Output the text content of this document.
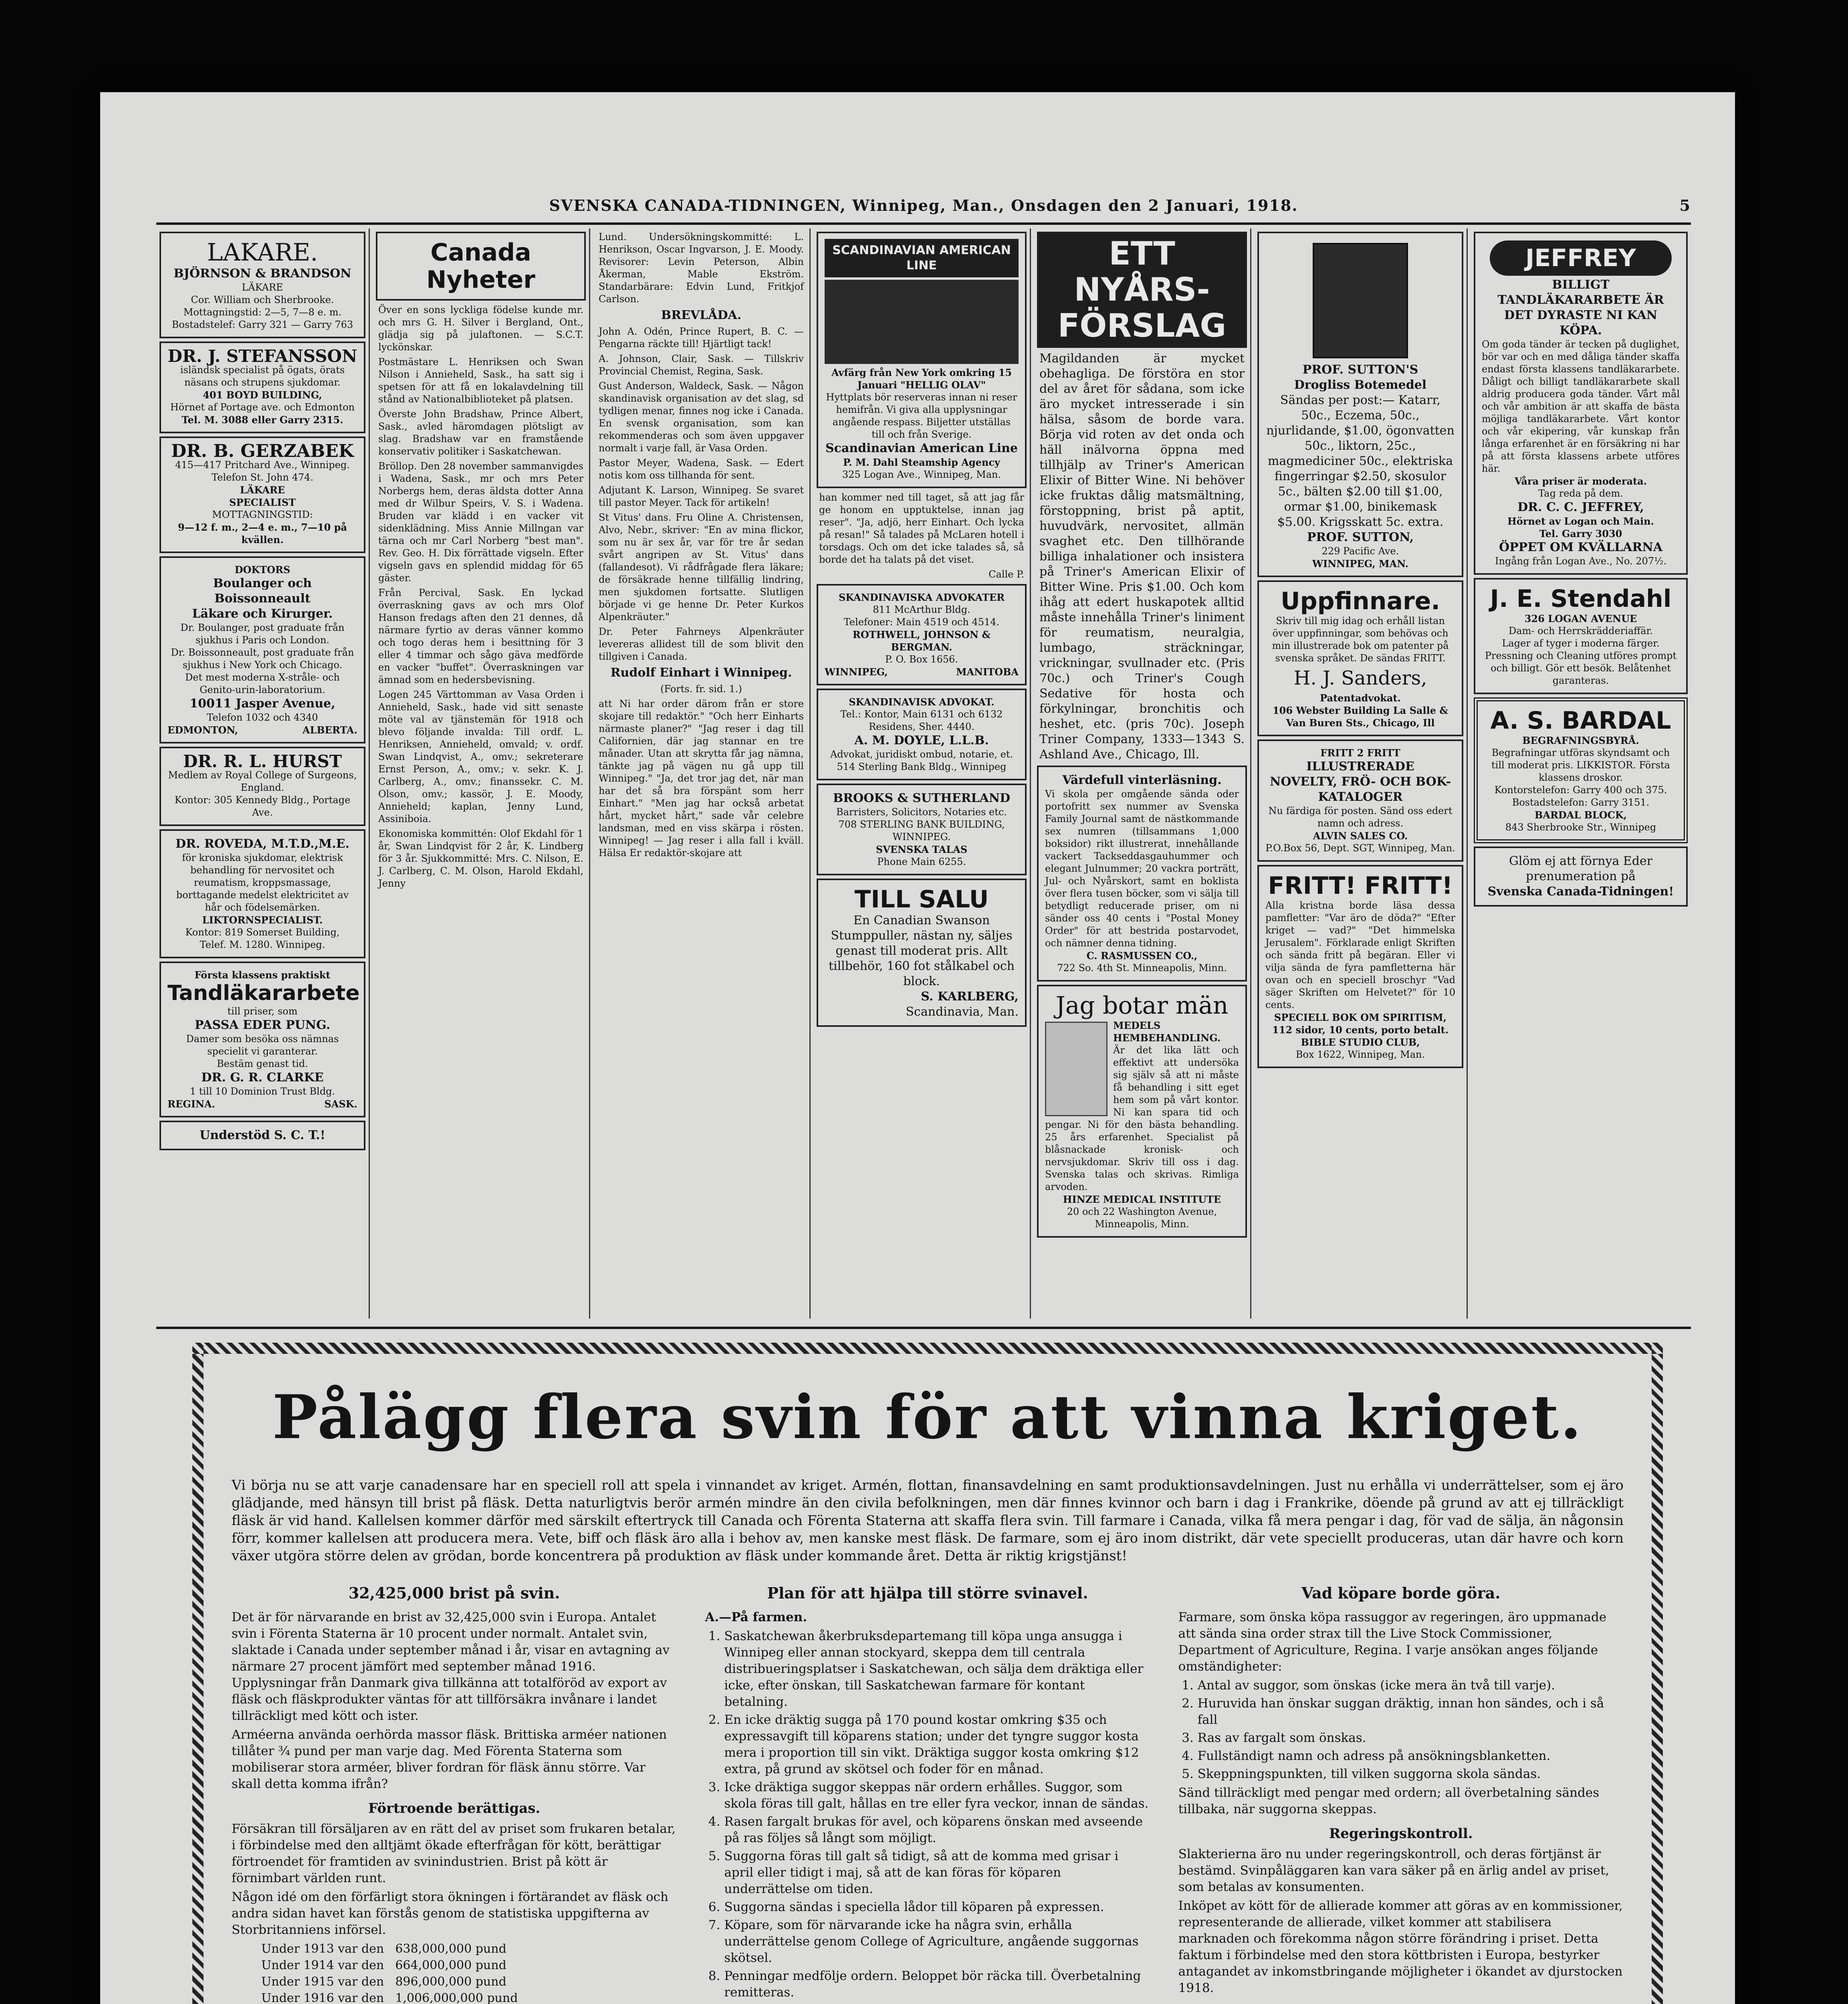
SVENSKA CANADA-TIDNINGEN, Winnipeg, Man., Onsdagen den 2 Januari, 1918.	5
LAKARE.
BJÖRNSON & BRANDSON
LÄKARE
Cor. William och Sherbrooke.
Mottagningstid: 2—5, 7—8 e. m.
Bostadstelef: Garry 321 — Garry 763
DR. J. STEFANSSON
isländsk specialist på ögats, örats näsans och strupens sjukdomar.
401 BOYD BUILDING,
Hörnet af Portage ave. och Edmonton
Tel. M. 3088 eller Garry 2315.
DR. B. GERZABEK
415—417 Pritchard Ave., Winnipeg.
Telefon St. John 474.
LÄKARE
SPECIALIST
MOTTAGNINGSTID:
9—12 f. m., 2—4 e. m., 7—10 på kvällen.
DOKTORS
Boulanger och Boissonneault
Läkare och Kirurger.
Dr. Boulanger, post graduate från sjukhus i Paris och London.
Dr. Boissonneault, post graduate från sjukhus i New York och Chicago.
Det mest moderna X-stråle- och Genito-urin-laboratorium.
10011 Jasper Avenue,
Telefon 1032 och 4340
EDMONTON,	ALBERTA.
DR. R. L. HURST
Medlem av Royal College of Surgeons, England.
Kontor: 305 Kennedy Bldg., Portage Ave.
DR. ROVEDA, M.T.D.,M.E.
för kroniska sjukdomar, elektrisk behandling för nervositet och reumatism, kroppsmassage, borttagande medelst elektricitet av hår och födelsemärken.
LIKTORNSPECIALIST.
Kontor: 819 Somerset Building,
Telef. M. 1280. Winnipeg.
Första klassens praktiskt
Tandläkararbete
till priser, som
PASSA EDER PUNG.
Damer som besöka oss nämnas specielit vi garanterar.
Bestäm genast tid.
DR. G. R. CLARKE
1 till 10 Dominion Trust Bldg.
REGINA.	SASK.
Understöd S. C. T.!
Canada Nyheter

Över en sons lyckliga födelse kunde mr. och mrs G. H. Silver i Bergland, Ont., glädja sig på julaftonen. — S.C.T. lyckönskar.

Postmästare L. Henriksen och Swan Nilson i Annieheld, Sask., ha satt sig i spetsen för att få en lokalavdelning till stånd av Nationalbiblioteket på platsen.

Överste John Bradshaw, Prince Albert, Sask., avled häromdagen plötsligt av slag. Bradshaw var en framstående konservativ politiker i Saskatchewan.

Bröllop. Den 28 november sammanvigdes i Wadena, Sask., mr och mrs Peter Norbergs hem, deras äldsta dotter Anna med dr Wilbur Speirs, V. S. i Wadena. Bruden var klädd i en vacker vit sidenklädning. Miss Annie Millngan var tärna och mr Carl Norberg "best man". Rev. Geo. H. Dix förrättade vigseln. Efter vigseln gavs en splendid middag för 65 gäster.

Från Percival, Sask. En lyckad överraskning gavs av och mrs Olof Hanson fredags aften den 21 dennes, då närmare fyrtio av deras vänner kommo och togo deras hem i besittning för 3 eller 4 timmar och sågo gäva medförde en vacker "buffet". Överraskningen var ämnad som en hedersbevisning.

Logen 245 Värttomman av Vasa Orden i Annieheld, Sask., hade vid sitt senaste möte val av tjänstemän för 1918 och blevo följande invalda: Till ordf. L. Henriksen, Annieheld, omvald; v. ordf. Swan Lindqvist, A., omv.; sekreterare Ernst Person, A., omv.; v. sekr. K. J. Carlberg, A., omv.; finanssekr. C. M. Olson, omv.; kassör, J. E. Moody, Annieheld; kaplan, Jenny Lund, Assiniboia.

Ekonomiska kommittén: Olof Ekdahl för 1 år, Swan Lindqvist för 2 år, K. Lindberg för 3 år. Sjukkommitté: Mrs. C. Nilson, E. J. Carlberg, C. M. Olson, Harold Ekdahl, Jenny

Lund. Undersökningskommitté: L. Henrikson, Oscar Ingvarson, J. E. Moody. Revisorer: Levin Peterson, Albin Åkerman, Mable Ekström. Standarbärare: Edvin Lund, Fritkjof Carlson.

BREVLÅDA.

John A. Odén, Prince Rupert, B. C. — Pengarna räckte till! Hjärtligt tack!

A. Johnson, Clair, Sask. — Tillskriv Provincial Chemist, Regina, Sask.

Gust Anderson, Waldeck, Sask. — Någon skandinavisk organisation av det slag, sd tydligen menar, finnes nog icke i Canada. En svensk organisation, som kan rekommenderas och som även uppgaver normalt i varje fall, är Vasa Orden.

Pastor Meyer, Wadena, Sask. — Edert notis kom oss tillhanda för sent.

Adjutant K. Larson, Winnipeg. Se svaret till pastor Meyer. Tack för artikeln!

St Vitus' dans. Fru Oline A. Christensen, Alvo, Nebr., skriver: "En av mina flickor, som nu är sex år, var för tre år sedan svårt angripen av St. Vitus' dans (fallandesot). Vi rådfrågade flera läkare; de försäkrade henne tillfällig lindring, men sjukdomen fortsatte. Slutligen började vi ge henne Dr. Peter Kurkos Alpenkräuter."

Dr. Peter Fahrneys Alpenkräuter levereras allidest till de som blivit den tillgiven i Canada.

Rudolf Einhart i Winnipeg.

(Forts. fr. sid. 1.)

att Ni har order därom från er store skojare till redaktör." "Och herr Einharts närmaste planer?" "Jag reser i dag till Californien, där jag stannar en tre månader. Utan att skrytta får jag nämna, tänkte jag på vägen nu gå upp till Winnipeg." "Ja, det tror jag det, när man har det så bra förspänt som herr Einhart." "Men jag har också arbetat hårt, mycket hårt," sade vår celebre landsman, med en viss skärpa i rösten. Winnipeg! — Jag reser i alla fall i kväll. Hälsa Er redaktör-skojare att

SCANDINAVIAN AMERICAN LINE
Avfärg från New York omkring 15 Januari "HELLIG OLAV"
Hyttplats bör reserveras innan ni reser hemifrån. Vi giva alla upplysningar angående respass. Biljetter utställas till och från Sverige.
Scandinavian American Line
P. M. Dahl Steamship Agency
325 Logan Ave., Winnipeg, Man.

han kommer ned till taget, så att jag får ge honom en upptuktelse, innan jag reser". "Ja, adjö, herr Einhart. Och lycka på resan!" Så talades på McLaren hotell i torsdags. Och om det icke talades så, så borde det ha talats på det viset.

Calle P.

SKANDINAVISKA ADVOKATER
811 McArthur Bldg.
Telefoner: Main 4519 och 4514.
ROTHWELL, JOHNSON & BERGMAN.
P. O. Box 1656.
WINNIPEG,	MANITOBA
SKANDINAVISK ADVOKAT.
Tel.: Kontor, Main 6131 och 6132 Residens, Sher. 4440.
A. M. DOYLE, L.L.B.
Advokat, juridiskt ombud, notarie, et.
514 Sterling Bank Bldg., Winnipeg
BROOKS & SUTHERLAND
Barristers, Solicitors, Notaries etc.
708 STERLING BANK BUILDING, WINNIPEG.
SVENSKA TALAS
Phone Main 6255.
TILL SALU
En Canadian Swanson Stumppuller, nästan ny, säljes genast till moderat pris. Allt tillbehör, 160 fot stålkabel och block.
S. KARLBERG,
Scandinavia, Man.
ETT NYÅRS-FÖRSLAG

Magildanden är mycket obehagliga. De förstöra en stor del av året för sådana, som icke äro mycket intresserade i sin hälsa, såsom de borde vara. Börja vid roten av det onda och häll inälvorna öppna med tillhjälp av Triner's American Elixir of Bitter Wine. Ni behöver icke fruktas dålig matsmältning, förstoppning, brist på aptit, huvudvärk, nervositet, allmän svaghet etc. Den tillhörande billiga inhalationer och insistera på Triner's American Elixir of Bitter Wine. Pris $1.00. Och kom ihåg att edert huskapotek alltid måste innehålla Triner's liniment för reumatism, neuralgia, lumbago, sträckningar, vrickningar, svullnader etc. (Pris 70c.) och Triner's Cough Sedative för hosta och förkylningar, bronchitis och heshet, etc. (pris 70c). Joseph Triner Company, 1333—1343 S. Ashland Ave., Chicago, Ill.

Värdefull vinterläsning.
Vi skola per omgående sända oder portofritt sex nummer av Svenska Family Journal samt de nästkommande sex numren (tillsammans 1,000 boksidor) rikt illustrerat, innehållande vackert Tackseddasgauhummer och elegant Julnummer; 20 vackra porträtt, Jul- och Nyårskort, samt en boklista över flera tusen böcker, som vi sälja till betydligt reducerade priser, om ni sänder oss 40 cents i "Postal Money Order" för att bestrida postarvodet, och nämner denna tidning.
C. RASMUSSEN CO.,
722 So. 4th St. Minneapolis, Minn.
Jag botar män
MEDELS HEMBEHANDLING.
Är det lika lätt och effektivt att undersöka sig själv så att ni måste få behandling i sitt eget hem som på vårt kontor. Ni kan spara tid och pengar. Ni för den bästa behandling. 25 års erfarenhet. Specialist på blåsnackade kronisk- och nervsjukdomar. Skriv till oss i dag. Svenska talas och skrivas. Rimliga arvoden.
HINZE MEDICAL INSTITUTE
20 och 22 Washington Avenue, Minneapolis, Minn.
PROF. SUTTON'S
Drogliss Botemedel
Sändas per post:— Katarr, 50c., Eczema, 50c., njurlidande, $1.00, ögonvatten 50c., liktorn, 25c., magmediciner 50c., elektriska fingerringar $2.50, skosulor 5c., bälten $2.00 till $1.00, ormar $1.00, binikemask $5.00. Krigsskatt 5c. extra.
PROF. SUTTON,
229 Pacific Ave.
WINNIPEG, MAN.
Uppfinnare.
Skriv till mig idag och erhåll listan över uppfinningar, som behövas och min illustrerade bok om patenter på svenska språket. De sändas FRITT.
H. J. Sanders,
Patentadvokat.
106 Webster Building La Salle & Van Buren Sts., Chicago, Ill
FRITT 2 FRITT
ILLUSTRERADE
NOVELTY, FRÖ- OCH BOK-KATALOGER
Nu färdiga för posten. Sänd oss edert namn och adress.
ALVIN SALES CO.
P.O.Box 56, Dept. SGT, Winnipeg, Man.
FRITT! FRITT!
Alla kristna borde läsa dessa pamfletter: "Var äro de döda?" "Efter kriget — vad?" "Det himmelska Jerusalem". Förklarade enligt Skriften och sända fritt på begäran. Eller vi vilja sända de fyra pamfletterna här ovan och en speciell broschyr "Vad säger Skriften om Helvetet?" för 10 cents.
SPECIELL BOK OM SPIRITISM, 112 sidor, 10 cents, porto betalt.
BIBLE STUDIO CLUB,
Box 1622, Winnipeg, Man.
JEFFREY
BILLIGT TANDLÄKARARBETE ÄR DET DYRASTE NI KAN KÖPA.
Om goda tänder är tecken på duglighet, bör var och en med dåliga tänder skaffa endast första klassens tandläkararbete. Dåligt och billigt tandläkararbete skall aldrig producera goda tänder. Vårt mål och vår ambition är att skaffa de bästa möjliga tandläkararbete. Vårt kontor och vår ekipering, vår kunskap från långa erfarenhet är en försäkring ni har på att första klassens arbete utföres här.
Våra priser är moderata.
Tag reda på dem.
DR. C. C. JEFFREY,
Hörnet av Logan och Main.
Tel. Garry 3030
ÖPPET OM KVÄLLARNA
Ingång från Logan Ave., No. 207½.
J. E. Stendahl
326 LOGAN AVENUE
Dam- och Herrskrädderiaffär.
Lager af tyger i moderna färger. Pressning och Cleaning utföres prompt och billigt. Gör ett besök. Belåtenhet garanteras.
A. S. BARDAL
BEGRAFNINGSBYRÅ.
Begrafningar utföras skyndsamt och till moderat pris. LIKKISTOR. Första klassens droskor.
Kontorstelefon: Garry 400 och 375. Bostadstelefon: Garry 3151.
BARDAL BLOCK,
843 Sherbrooke Str., Winnipeg
Glöm ej att förnya Eder prenumeration på
Svenska Canada-Tidningen!
Pålägg flera svin för att vinna kriget.

Vi börja nu se att varje canadensare har en speciell roll att spela i vinnandet av kriget. Armén, flottan, finansavdelning en samt produktionsavdelningen. Just nu erhålla vi underrättelser, som ej äro glädjande, med hänsyn till brist på fläsk. Detta naturligtvis berör armén mindre än den civila befolkningen, men där finnes kvinnor och barn i dag i Frankrike, döende på grund av att ej tillräckligt fläsk är vid hand. Kallelsen kommer därför med särskilt eftertryck till Canada och Förenta Staterna att skaffa flera svin. Till farmare i Canada, vilka få mera pengar i dag, för vad de sälja, än någonsin förr, kommer kallelsen att producera mera. Vete, biff och fläsk äro alla i behov av, men kanske mest fläsk. De farmare, som ej äro inom distrikt, där vete speciellt produceras, utan där havre och korn växer utgöra större delen av grödan, borde koncentrera på produktion av fläsk under kommande året. Detta är riktig krigstjänst!

32,425,000 brist på svin.

Det är för närvarande en brist av 32,425,000 svin i Europa. Antalet svin i Förenta Staterna är 10 procent under normalt. Antalet svin, slaktade i Canada under september månad i år, visar en avtagning av närmare 27 procent jämfört med september månad 1916. Upplysningar från Danmark giva tillkänna att totalföröd av export av fläsk och fläskprodukter väntas för att tillförsäkra invånare i landet tillräckligt med kött och ister.

Arméerna använda oerhörda massor fläsk. Brittiska arméer nationen tillåter ¾ pund per man varje dag. Med Förenta Staterna som mobiliserar stora arméer, bliver fordran för fläsk ännu större. Var skall detta komma ifrån?

Förtroende berättigas.

Försäkran till försäljaren av en rätt del av priset som frukaren betalar, i förbindelse med den alltjämt ökade efterfrågan för kött, berättigar förtroendet för framtiden av svinindustrien. Brist på kött är förnimbart världen runt.

Någon idé om den förfärligt stora ökningen i förtärandet av fläsk och andra sidan havet kan förstås genom de statistiska uppgifterna av Storbritanniens införsel.

Under 1913 var den	638,000,000 pund
Under 1914 var den	664,000,000 pund
Under 1915 var den	896,000,000 pund
Under 1916 var den	1,006,000,000 pund

Plan för att hjälpa till större svinavel.

A.—På farmen.

1. Saskatchewan åkerbruksdepartemang till köpa unga ansugga i Winnipeg eller annan stockyard, skeppa dem till centrala distribueringsplatser i Saskatchewan, och sälja dem dräktiga eller icke, efter önskan, till Saskatchewan farmare för kontant betalning.
2. En icke dräktig sugga på 170 pound kostar omkring $35 och expressavgift till köparens station; under det tyngre suggor kosta mera i proportion till sin vikt. Dräktiga suggor kosta omkring $12 extra, på grund av skötsel och foder för en månad.
3. Icke dräktiga suggor skeppas när ordern erhålles. Suggor, som skola föras till galt, hållas en tre eller fyra veckor, innan de sändas.
4. Rasen fargalt brukas för avel, och köparens önskan med avseende på ras följes så långt som möjligt.
5. Suggorna föras till galt så tidigt, så att de komma med grisar i april eller tidigt i maj, så att de kan föras för köparen underrättelse om tiden.
6. Suggorna sändas i speciella lådor till köparen på expressen.
7. Köpare, som för närvarande icke ha några svin, erhålla underrättelse genom College of Agriculture, angående suggornas skötsel.
8. Penningar medfölje ordern. Beloppet bör räcka till. Överbetalning remitteras.

Vad köpare borde göra.

Farmare, som önska köpa rassuggor av regeringen, äro uppmanade att sända sina order strax till the Live Stock Commissioner, Department of Agriculture, Regina. I varje ansökan anges följande omständigheter:

1. Antal av suggor, som önskas (icke mera än två till varje).
2. Huruvida han önskar suggan dräktig, innan hon sändes, och i så fall
3. Ras av fargalt som önskas.
4. Fullständigt namn och adress på ansökningsblanketten.
5. Skeppningspunkten, till vilken suggorna skola sändas.

Sänd tillräckligt med pengar med ordern; all överbetalning sändes tillbaka, när suggorna skeppas.

Regeringskontroll.

Slakterierna äro nu under regeringskontroll, och deras förtjänst är bestämd. Svinpåläggaren kan vara säker på en ärlig andel av priset, som betalas av konsumenten.

Inköpet av kött för de allierade kommer att göras av en kommissioner, representerande de allierade, vilket kommer att stabilisera marknaden och förekomma någon större förändring i priset. Detta faktum i förbindelse med den stora köttbristen i Europa, bestyrker antagandet av inkomstbringande möjligheter i ökandet av djurstocken 1918.
